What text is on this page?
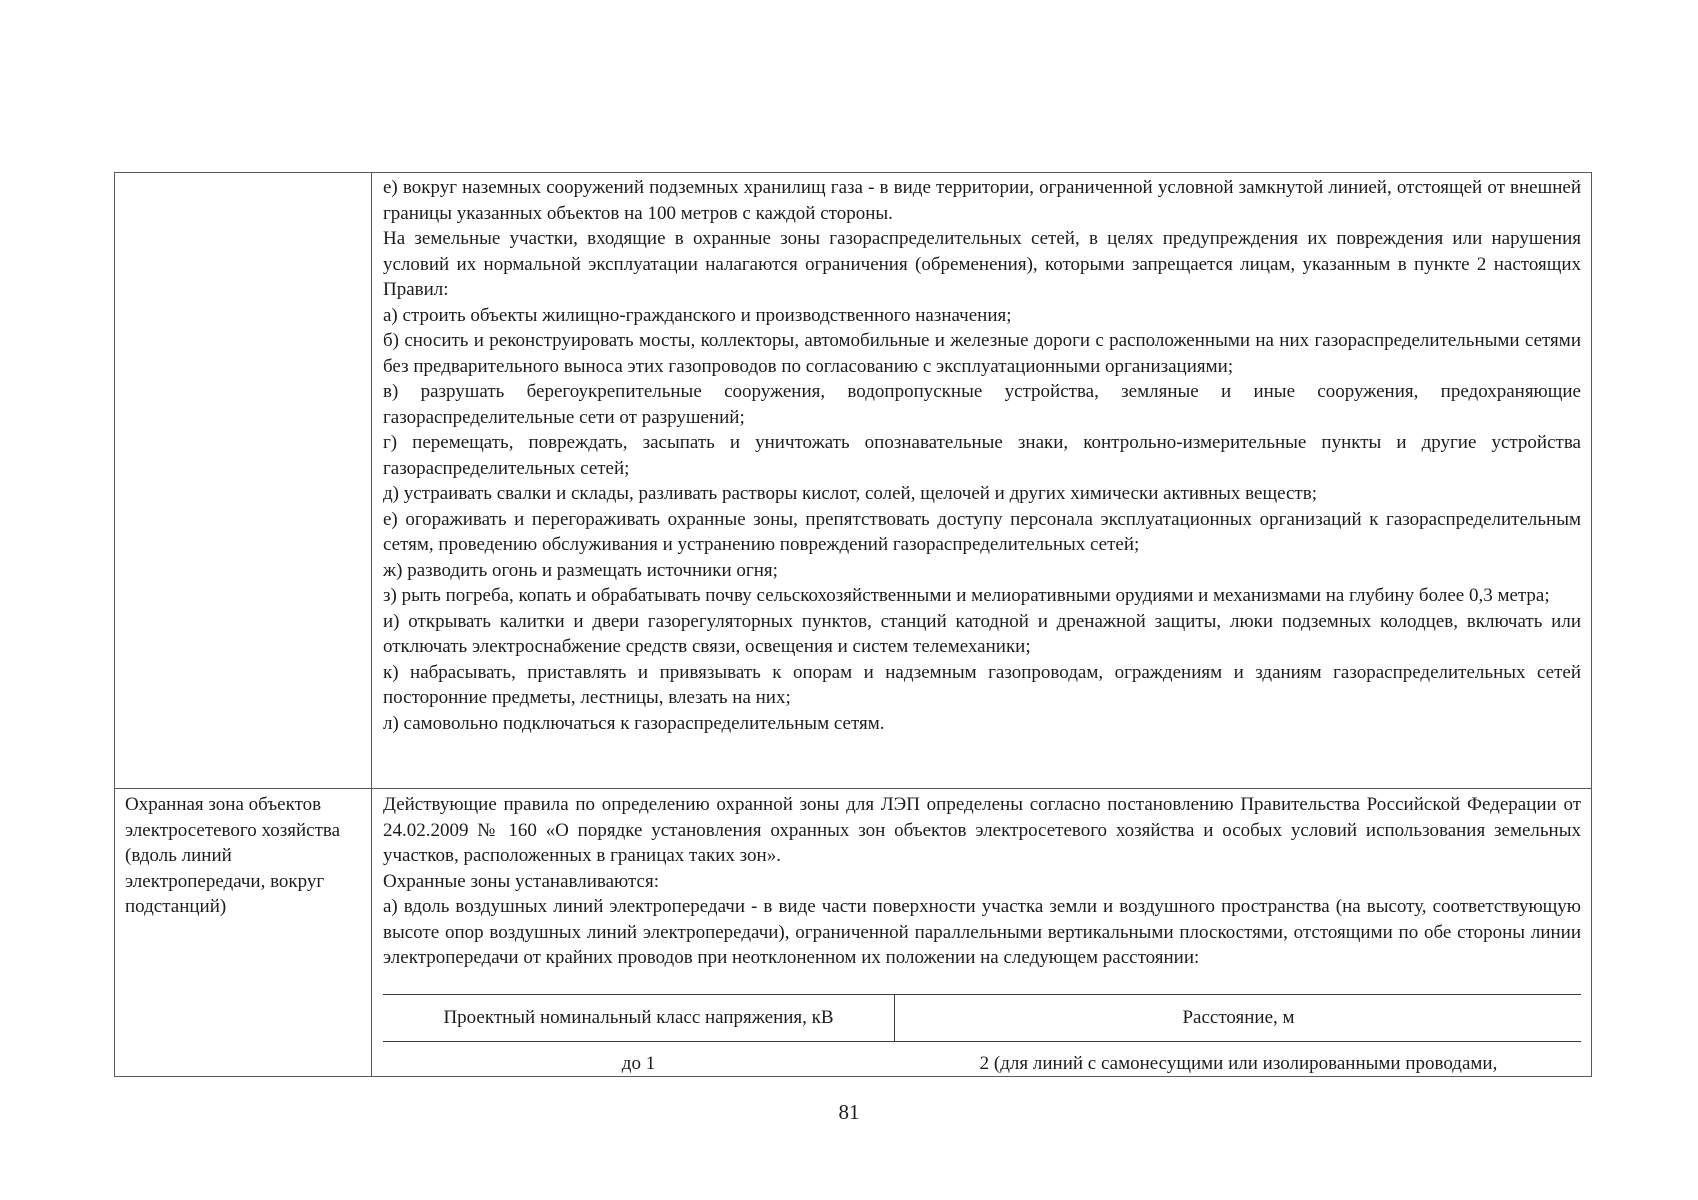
е) вокруг наземных сооружений подземных хранилищ газа - в виде территории, ограниченной условной замкнутой линией, отстоящей от внешней границы указанных объектов на 100 метров с каждой стороны.

На земельные участки, входящие в охранные зоны газораспределительных сетей, в целях предупреждения их повреждения или нарушения условий их нормальной эксплуатации налагаются ограничения (обременения), которыми запрещается лицам, указанным в пункте 2 настоящих Правил:

а) строить объекты жилищно-гражданского и производственного назначения;

б) сносить и реконструировать мосты, коллекторы, автомобильные и железные дороги с расположенными на них газораспределительными сетями без предварительного выноса этих газопроводов по согласованию с эксплуатационными организациями;

в) разрушать берегоукрепительные сооружения, водопропускные устройства, земляные и иные сооружения, предохраняющие газораспределительные сети от разрушений;

г) перемещать, повреждать, засыпать и уничтожать опознавательные знаки, контрольно-измерительные пункты и другие устройства газораспределительных сетей;

д) устраивать свалки и склады, разливать растворы кислот, солей, щелочей и других химически активных веществ;

е) огораживать и перегораживать охранные зоны, препятствовать доступу персонала эксплуатационных организаций к газораспределительным сетям, проведению обслуживания и устранению повреждений газораспределительных сетей;

ж) разводить огонь и размещать источники огня;

з) рыть погреба, копать и обрабатывать почву сельскохозяйственными и мелиоративными орудиями и механизмами на глубину более 0,3 метра;

и) открывать калитки и двери газорегуляторных пунктов, станций катодной и дренажной защиты, люки подземных колодцев, включать или отключать электроснабжение средств связи, освещения и систем телемеханики;

к) набрасывать, приставлять и привязывать к опорам и надземным газопроводам, ограждениям и зданиям газораспределительных сетей посторонние предметы, лестницы, влезать на них;

л) самовольно подключаться к газораспределительным сетям.

Охранная зона объектов электросетевого хозяйства (вдоль линий электропередачи, вокруг подстанций)

Действующие правила по определению охранной зоны для ЛЭП определены согласно постановлению Правительства Российской Федерации от 24.02.2009 № 160 «О порядке установления охранных зон объектов электросетевого хозяйства и особых условий использования земельных участков, расположенных в границах таких зон».

Охранные зоны устанавливаются:

а) вдоль воздушных линий электропередачи - в виде части поверхности участка земли и воздушного пространства (на высоту, соответствующую высоте опор воздушных линий электропередачи), ограниченной параллельными вертикальными плоскостями, отстоящими по обе стороны линии электропередачи от крайних проводов при неотклоненном их положении на следующем расстоянии:

Проектный номинальный класс напряжения, кВ	Расстояние, м
до 1	2 (для линий с самонесущими или изолированными проводами,
81
